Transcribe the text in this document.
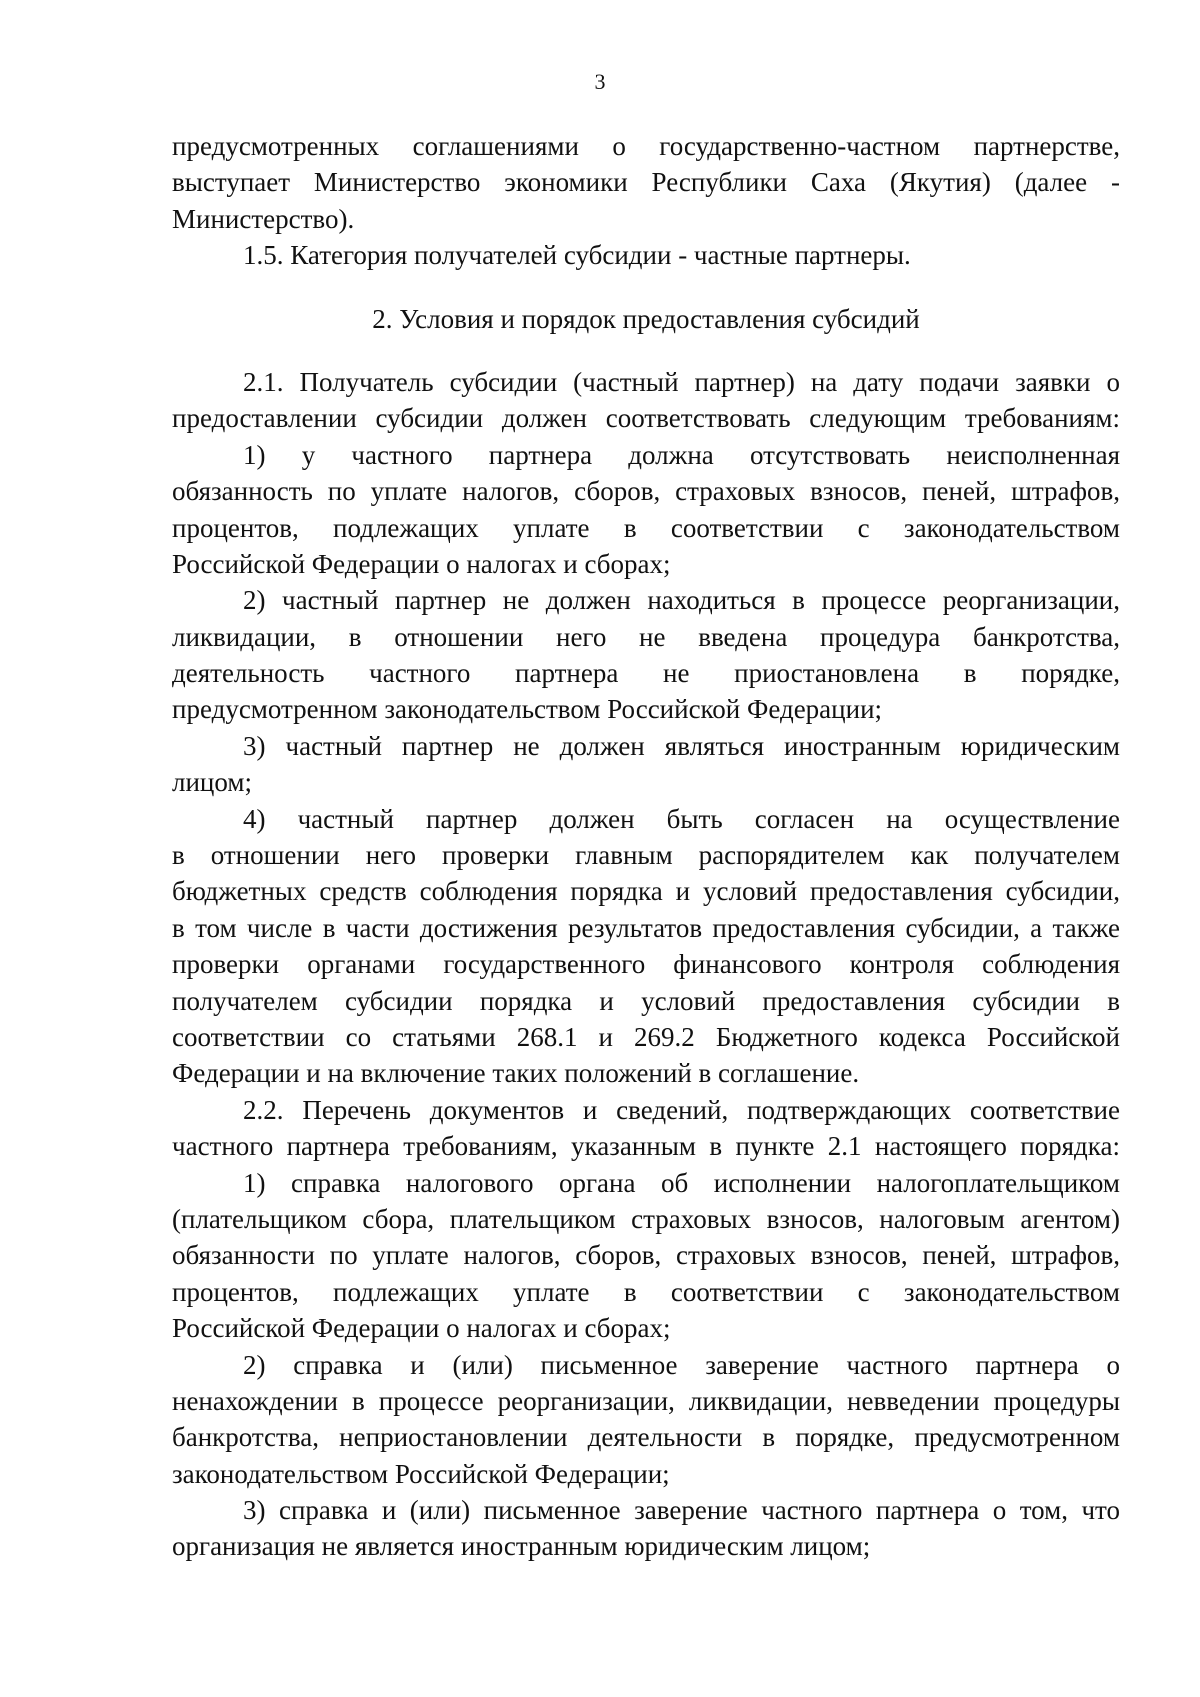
3
предусмотренных соглашениями о государственно-частном партнерстве,
выступает Министерство экономики Республики Саха (Якутия) (далее -
Министерство).
1.5. Категория получателей субсидии - частные партнеры.
2. Условия и порядок предоставления субсидий
2.1. Получатель субсидии (частный партнер) на дату подачи заявки о
предоставлении субсидии должен соответствовать следующим требованиям:
1) у частного партнера должна отсутствовать неисполненная
обязанность по уплате налогов, сборов, страховых взносов, пеней, штрафов,
процентов, подлежащих уплате в соответствии с законодательством
Российской Федерации о налогах и сборах;
2) частный партнер не должен находиться в процессе реорганизации,
ликвидации, в отношении него не введена процедура банкротства,
деятельность частного партнера не приостановлена в порядке,
предусмотренном законодательством Российской Федерации;
3) частный партнер не должен являться иностранным юридическим
лицом;
4) частный партнер должен быть согласен на осуществление
в отношении него проверки главным распорядителем как получателем
бюджетных средств соблюдения порядка и условий предоставления субсидии,
в том числе в части достижения результатов предоставления субсидии, а также
проверки органами государственного финансового контроля соблюдения
получателем субсидии порядка и условий предоставления субсидии в
соответствии со статьями 268.1 и 269.2 Бюджетного кодекса Российской
Федерации и на включение таких положений в соглашение.
2.2. Перечень документов и сведений, подтверждающих соответствие
частного партнера требованиям, указанным в пункте 2.1 настоящего порядка:
1) справка налогового органа об исполнении налогоплательщиком
(плательщиком сбора, плательщиком страховых взносов, налоговым агентом)
обязанности по уплате налогов, сборов, страховых взносов, пеней, штрафов,
процентов, подлежащих уплате в соответствии с законодательством
Российской Федерации о налогах и сборах;
2) справка и (или) письменное заверение частного партнера о
ненахождении в процессе реорганизации, ликвидации, невведении процедуры
банкротства, неприостановлении деятельности в порядке, предусмотренном
законодательством Российской Федерации;
3) справка и (или) письменное заверение частного партнера о том, что
организация не является иностранным юридическим лицом;
